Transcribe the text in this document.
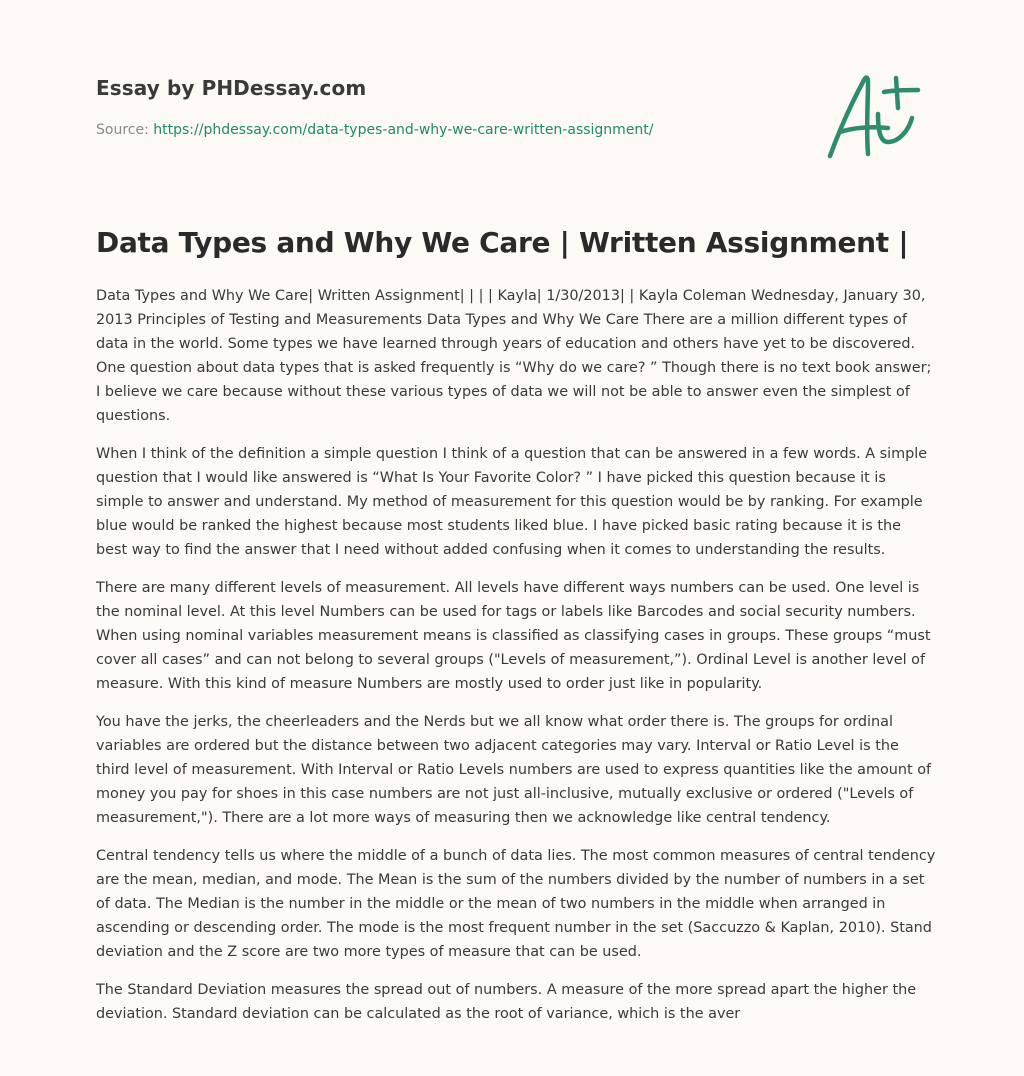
Essay by PHDessay.com
Source: https://phdessay.com/data-types-and-why-we-care-written-assignment/
Data Types and Why We Care | Written Assignment |

Data Types and Why We Care| Written Assignment| | | | Kayla| 1/30/2013| | Kayla Coleman Wednesday, January 30, 2013 Principles of Testing and Measurements Data Types and Why We Care There are a million different types of data in the world. Some types we have learned through years of education and others have yet to be discovered. One question about data types that is asked frequently is “Why do we care? ” Though there is no text book answer; I believe we care because without these various types of data we will not be able to answer even the simplest of questions.

When I think of the definition a simple question I think of a question that can be answered in a few words. A simple question that I would like answered is “What Is Your Favorite Color? ” I have picked this question because it is simple to answer and understand. My method of measurement for this question would be by ranking. For example blue would be ranked the highest because most students liked blue. I have picked basic rating because it is the best way to find the answer that I need without added confusing when it comes to understanding the results.

There are many different levels of measurement. All levels have different ways numbers can be used. One level is the nominal level. At this level Numbers can be used for tags or labels like Barcodes and social security numbers. When using nominal variables measurement means is classified as classifying cases in groups. These groups “must cover all cases” and can not belong to several groups ("Levels of measurement,”). Ordinal Level is another level of measure. With this kind of measure Numbers are mostly used to order just like in popularity.

You have the jerks, the cheerleaders and the Nerds but we all know what order there is. The groups for ordinal variables are ordered but the distance between two adjacent categories may vary. Interval or Ratio Level is the third level of measurement. With Interval or Ratio Levels numbers are used to express quantities like the amount of money you pay for shoes in this case numbers are not just all-inclusive, mutually exclusive or ordered ("Levels of measurement,"). There are a lot more ways of measuring then we acknowledge like central tendency.

Central tendency tells us where the middle of a bunch of data lies. The most common measures of central tendency are the mean, median, and mode. The Mean is the sum of the numbers divided by the number of numbers in a set of data. The Median is the number in the middle or the mean of two numbers in the middle when arranged in ascending or descending order. The mode is the most frequent number in the set (Saccuzzo & Kaplan, 2010). Stand deviation and the Z score are two more types of measure that can be used.

The Standard Deviation measures the spread out of numbers. A measure of the more spread apart the higher the deviation. Standard deviation can be calculated as the root of variance, which is the aver
